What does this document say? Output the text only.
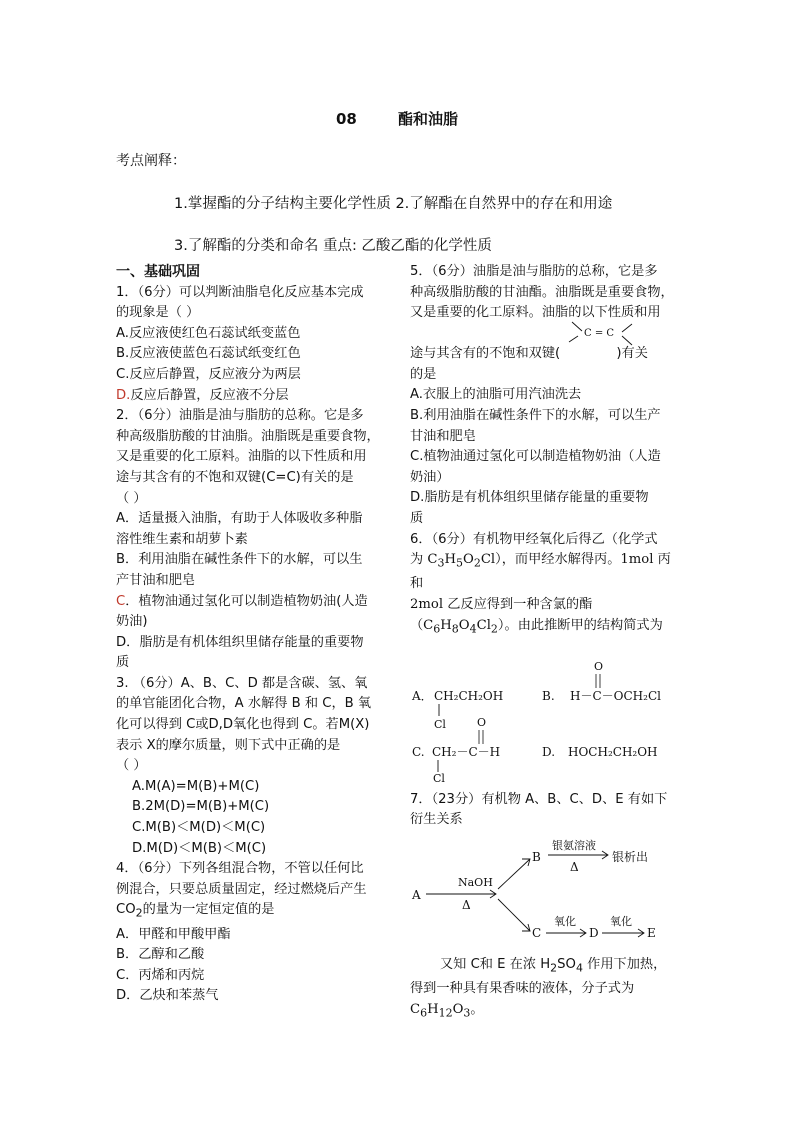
08	酯和油脂
考点阐释：
1.掌握酯的分子结构主要化学性质 2.了解酯在自然界中的存在和用途
3.了解酯的分类和命名 重点: 乙酸乙酯的化学性质

一、基础巩固

1．（6分）可以判断油脂皂化反应基本完成

的现象是（ ）

A.反应液使红色石蕊试纸变蓝色

B.反应液使蓝色石蕊试纸变红色

C.反应后静置，反应液分为两层

D.反应后静置，反应液不分层

2．（6分）油脂是油与脂肪的总称。它是多

种高级脂肪酸的甘油脂。油脂既是重要食物，

又是重要的化工原料。油脂的以下性质和用

途与其含有的不饱和双键(C=C)有关的是

（ ）

A．适量摄入油脂，有助于人体吸收多种脂

溶性维生素和胡萝卜素

B．利用油脂在碱性条件下的水解，可以生

产甘油和肥皂

C．植物油通过氢化可以制造植物奶油(人造

奶油)

D．脂肪是有机体组织里储存能量的重要物

质

3. （6分）A、B、C、D 都是含碳、氢、氧

的单官能团化合物，A 水解得 B 和 C，B 氧

化可以得到 C或D,D氧化也得到 C。若M(X)

表示 X的摩尔质量，则下式中正确的是

（ ）

A.M(A)=M(B)+M(C)

B.2M(D)=M(B)+M(C)

C.M(B)＜M(D)＜M(C)

D.M(D)＜M(B)＜M(C)

4．（6分）下列各组混合物，不管以任何比

例混合，只要总质量固定，经过燃烧后产生

$CO_2$的量为一定恒定值的是

A．甲醛和甲酸甲酯

B．乙醇和乙酸

C．丙烯和丙烷

D．乙炔和苯蒸气

5．（6分）油脂是油与脂肪的总称，它是多

种高级脂肪酸的甘油酯。油脂既是重要食物，

又是重要的化工原料。油脂的以下性质和用

C = C

途与其含有的不饱和双键(	)有关

的是

A.衣服上的油脂可用汽油洗去

B.利用油脂在碱性条件下的水解，可以生产

甘油和肥皂

C.植物油通过氢化可以制造植物奶油（人造

奶油）

D.脂肪是有机体组织里储存能量的重要物

质

6．（6分）有机物甲经氧化后得乙（化学式

为 $C_3H_5O_2Cl$），而甲经水解得丙。1mol 丙和

2mol 乙反应得到一种含氯的酯

$(C_6H_8O_4Cl_2)$。由此推断甲的结构简式为

A． CH₂CH₂OH
Cl
B.
O
H－C－OCH₂Cl
C.
O
CH₂－C－H
Cl
D. HOCH₂CH₂OH

7．（23分）有机物 A、B、C、D、E 有如下

衍生关系

A
NaOH
Δ
B
银氨溶液
Δ
银析出
C
氧化
D
氧化
E

又知 C和 E 在浓 $H_2SO_4$ 作用下加热，

得到一种具有果香味的液体，分子式为

$C_6H_{12}O_3$。
